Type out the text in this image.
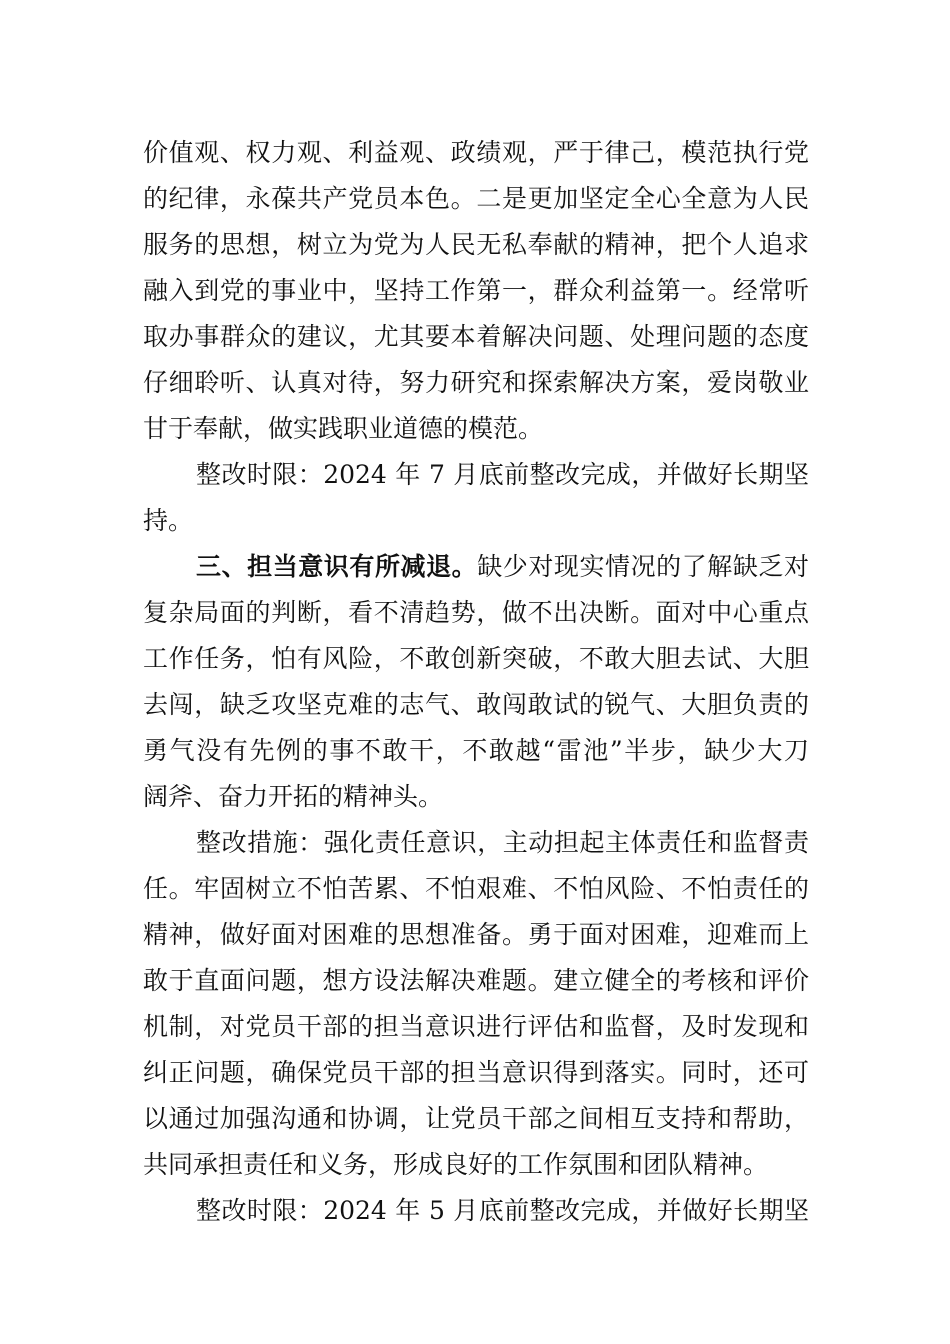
价值观、权力观、利益观、政绩观，严于律己，模范执行党
的纪律，永葆共产党员本色。二是更加坚定全心全意为人民
服务的思想，树立为党为人民无私奉献的精神，把个人追求
融入到党的事业中，坚持工作第一，群众利益第一。经常听
取办事群众的建议，尤其要本着解决问题、处理问题的态度
仔细聆听、认真对待，努力研究和探索解决方案，爱岗敬业
甘于奉献，做实践职业道德的模范。
整改时限：2024 年 7 月底前整改完成，并做好长期坚
持。
三、担当意识有所减退。缺少对现实情况的了解缺乏对
复杂局面的判断，看不清趋势，做不出决断。面对中心重点
工作任务，怕有风险，不敢创新突破，不敢大胆去试、大胆
去闯，缺乏攻坚克难的志气、敢闯敢试的锐气、大胆负责的
勇气没有先例的事不敢干，不敢越“雷池”半步，缺少大刀
阔斧、奋力开拓的精神头。
整改措施：强化责任意识，主动担起主体责任和监督责
任。牢固树立不怕苦累、不怕艰难、不怕风险、不怕责任的
精神，做好面对困难的思想准备。勇于面对困难，迎难而上
敢于直面问题，想方设法解决难题。建立健全的考核和评价
机制，对党员干部的担当意识进行评估和监督，及时发现和
纠正问题，确保党员干部的担当意识得到落实。同时，还可
以通过加强沟通和协调，让党员干部之间相互支持和帮助，
共同承担责任和义务，形成良好的工作氛围和团队精神。
整改时限：2024 年 5 月底前整改完成，并做好长期坚
